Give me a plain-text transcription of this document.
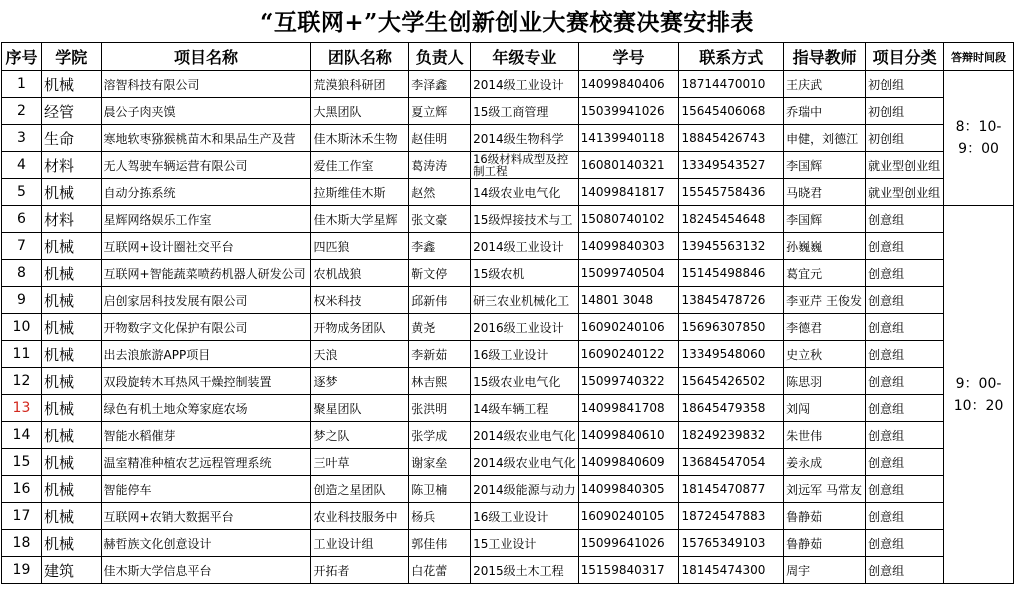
“互联网+”大学生创新创业大赛校赛决赛安排表
序号	学院	项目名称	团队名称	负责人	年级专业	学号	联系方式	指导教师	项目分类	答辩时间段
1	机械	溶智科技有限公司	荒漠狼科研团	李泽鑫	2014级工业设计	14099840406	18714470010	王庆武	初创组	8：10-
9：00
2	经管	晨公子肉夹馍	大黑团队	夏立辉	15级工商管理	15039941026	15645406068	乔瑞中	初创组	
3	生命	寒地软枣猕猴桃苗木和果品生产及营	佳木斯沐禾生物	赵佳明	2014级生物科学	14139940118	18845426743	申健，刘德江	初创组	
4	材料	无人驾驶车辆运营有限公司	爱佳工作室	葛涛涛	16级材料成型及控制工程	16080140321	13349543527	李国辉	就业型创业组	
5	机械	自动分拣系统	拉斯维佳木斯	赵然	14级农业电气化	14099841817	15545758436	马晓君	就业型创业组	
6	材料	星辉网络娱乐工作室	佳木斯大学星辉	张文豪	15级焊接技术与工	15080740102	18245454648	李国辉	创意组	9：00-
10：20
7	机械	互联网+设计圈社交平台	四匹狼	李鑫	2014级工业设计	14099840303	13945563132	孙巍巍	创意组	
8	机械	互联网+智能蔬菜喷药机器人研发公司	农机战狼	靳文停	15级农机	15099740504	15145498846	葛宜元	创意组	
9	机械	启创家居科技发展有限公司	权米科技	邱新伟	研三农业机械化工	14801 3048	13845478726	李亚芹 王俊发	创意组	
10	机械	开物数字文化保护有限公司	开物成务团队	黄尧	2016级工业设计	16090240106	15696307850	李德君	创意组	
11	机械	出去浪旅游APP项目	天浪	李新茹	16级工业设计	16090240122	13349548060	史立秋	创意组	
12	机械	双段旋转木耳热风干燥控制装置	逐梦	林吉熙	15级农业电气化	15099740322	15645426502	陈思羽	创意组	
13	机械	绿色有机土地众筹家庭农场	聚星团队	张洪明	14级车辆工程	14099841708	18645479358	刘闯	创意组	
14	机械	智能水稻催芽	梦之队	张学成	2014级农业电气化	14099840610	18249239832	朱世伟	创意组	
15	机械	温室精准种植农艺远程管理系统	三叶草	谢家垒	2014级农业电气化	14099840609	13684547054	姜永成	创意组	
16	机械	智能停车	创造之星团队	陈卫楠	2014级能源与动力	14099840305	18145470877	刘远军 马常友	创意组	
17	机械	互联网+农销大数据平台	农业科技服务中	杨兵	16级工业设计	16090240105	18724547883	鲁静茹	创意组	
18	机械	赫哲族文化创意设计	工业设计组	郭佳伟	15工业设计	15099641026	15765349103	鲁静茹	创意组	
19	建筑	佳木斯大学信息平台	开拓者	白花蕾	2015级土木工程	15159840317	18145474300	周宇	创意组	
